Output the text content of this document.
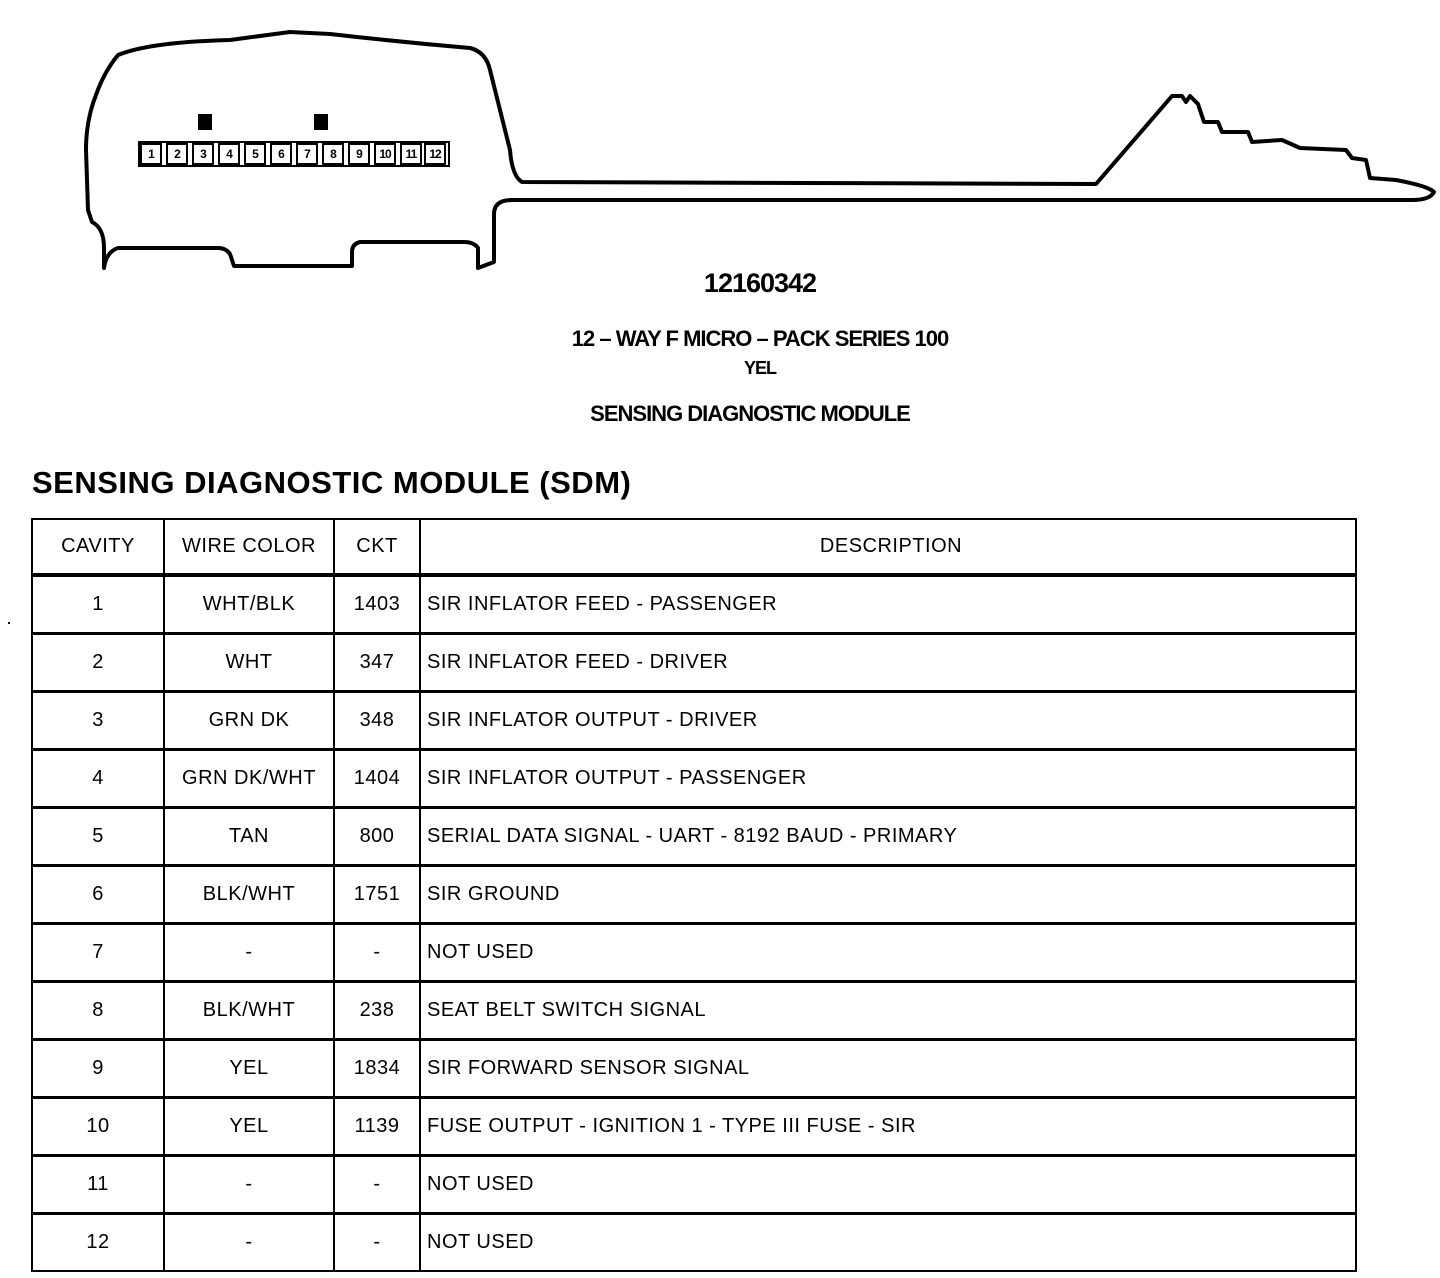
1	2	3	4	5	6	7	8	9	10	11	12
12160342
12 – WAY F MICRO – PACK SERIES 100
YEL
SENSING DIAGNOSTIC MODULE
SENSING DIAGNOSTIC MODULE (SDM)
CAVITY	WIRE COLOR	CKT	DESCRIPTION
1	WHT/BLK	1403	SIR INFLATOR FEED - PASSENGER
2	WHT	347	SIR INFLATOR FEED - DRIVER
3	GRN DK	348	SIR INFLATOR OUTPUT - DRIVER
4	GRN DK/WHT	1404	SIR INFLATOR OUTPUT - PASSENGER
5	TAN	800	SERIAL DATA SIGNAL - UART - 8192 BAUD - PRIMARY
6	BLK/WHT	1751	SIR GROUND
7	-	-	NOT USED
8	BLK/WHT	238	SEAT BELT SWITCH SIGNAL
9	YEL	1834	SIR FORWARD SENSOR SIGNAL
10	YEL	1139	FUSE OUTPUT - IGNITION 1 - TYPE III FUSE - SIR
11	-	-	NOT USED
12	-	-	NOT USED
